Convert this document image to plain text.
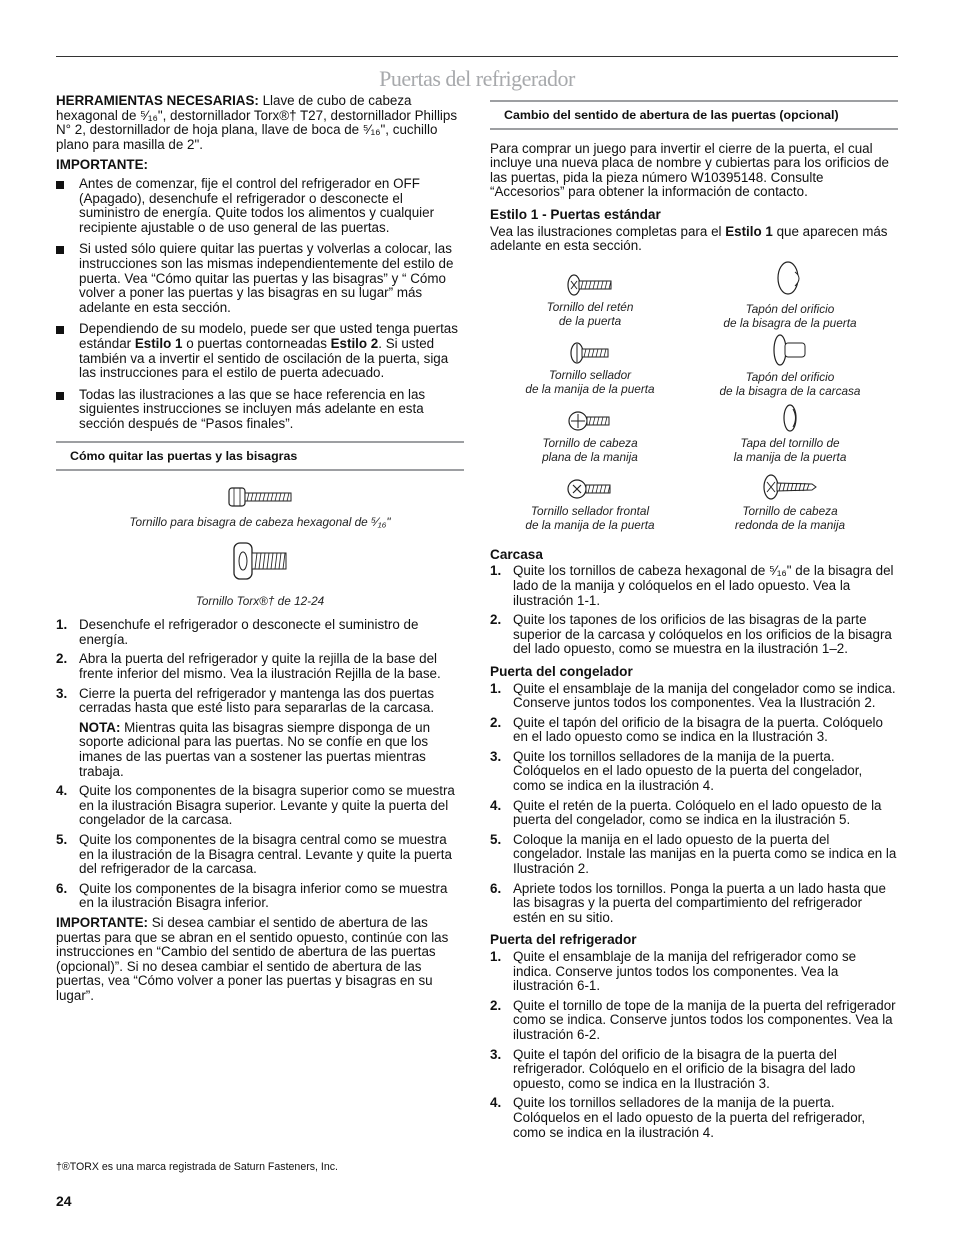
Puertas del refrigerador

HERRAMIENTAS NECESARIAS: Llave de cubo de cabeza hexagonal de ⁵⁄₁₆", destornillador Torx®† T27, destornillador Phillips N° 2, destornillador de hoja plana, llave de boca de ⁵⁄₁₆", cuchillo plano para masilla de 2".

IMPORTANTE:

Antes de comenzar, fije el control del refrigerador en OFF (Apagado), desenchufe el refrigerador o desconecte el suministro de energía. Quite todos los alimentos y cualquier recipiente ajustable o de uso general de las puertas.
Si usted sólo quiere quitar las puertas y volverlas a colocar, las instrucciones son las mismas independientemente del estilo de puerta. Vea “Cómo quitar las puertas y las bisagras” y “ Cómo volver a poner las puertas y las bisagras en su lugar” más adelante en esta sección.
Dependiendo de su modelo, puede ser que usted tenga puertas estándar Estilo 1 o puertas contorneadas Estilo 2. Si usted también va a invertir el sentido de oscilación de la puerta, siga las instrucciones para el estilo de puerta adecuado.
Todas las ilustraciones a las que se hace referencia en las siguientes instrucciones se incluyen más adelante en esta sección después de “Pasos finales”.
Cómo quitar las puertas y las bisagras
Tornillo para bisagra de cabeza hexagonal de ⁵⁄₁₆"
Tornillo Torx®† de 12-24
1. Desenchufe el refrigerador o desconecte el suministro de energía.
2. Abra la puerta del refrigerador y quite la rejilla de la base del frente inferior del mismo. Vea la ilustración Rejilla de la base.
3. Cierre la puerta del refrigerador y mantenga las dos puertas cerradas hasta que esté listo para separarlas de la carcasa.
NOTA: Mientras quita las bisagras siempre disponga de un soporte adicional para las puertas. No se confíe en que los imanes de las puertas van a sostener las puertas mientras trabaja.
4. Quite los componentes de la bisagra superior como se muestra en la ilustración Bisagra superior. Levante y quite la puerta del congelador de la carcasa.
5. Quite los componentes de la bisagra central como se muestra en la ilustración de la Bisagra central. Levante y quite la puerta del refrigerador de la carcasa.
6. Quite los componentes de la bisagra inferior como se muestra en la ilustración Bisagra inferior.

IMPORTANTE: Si desea cambiar el sentido de abertura de las puertas para que se abran en el sentido opuesto, continúe con las instrucciones en “Cambio del sentido de abertura de las puertas (opcional)”. Si no desea cambiar el sentido de abertura de las puertas, vea “Cómo volver a poner las puertas y bisagras en su lugar”.

†®TORX es una marca registrada de Saturn Fasteners, Inc.
24
Cambio del sentido de abertura de las puertas (opcional)

Para comprar un juego para invertir el cierre de la puerta, el cual incluye una nueva placa de nombre y cubiertas para los orificios de las puertas, pida la pieza número W10395148. Consulte “Accesorios” para obtener la información de contacto.

Estilo 1 - Puertas estándar

Vea las ilustraciones completas para el Estilo 1 que aparecen más adelante en esta sección.

Tornillo del retén
de la puerta
Tapón del orificio
de la bisagra de la puerta
Tornillo sellador
de la manija de la puerta
Tapón del orificio
de la bisagra de la carcasa
Tornillo de cabeza
plana de la manija
Tapa del tornillo de
la manija de la puerta
Tornillo sellador frontal
de la manija de la puerta
Tornillo de cabeza
redonda de la manija
Carcasa
1. Quite los tornillos de cabeza hexagonal de ⁵⁄₁₆" de la bisagra del lado de la manija y colóquelos en el lado opuesto. Vea la ilustración 1-1.
2. Quite los tapones de los orificios de las bisagras de la parte superior de la carcasa y colóquelos en los orificios de la bisagra del lado opuesto, como se muestra en la ilustración 1–2.
Puerta del congelador
1. Quite el ensamblaje de la manija del congelador como se indica. Conserve juntos todos los componentes. Vea la Ilustración 2.
2. Quite el tapón del orificio de la bisagra de la puerta. Colóquelo en el lado opuesto como se indica en la Ilustración 3.
3. Quite los tornillos selladores de la manija de la puerta. Colóquelos en el lado opuesto de la puerta del congelador, como se indica en la ilustración 4.
4. Quite el retén de la puerta. Colóquelo en el lado opuesto de la puerta del congelador, como se indica en la ilustración 5.
5. Coloque la manija en el lado opuesto de la puerta del congelador. Instale las manijas en la puerta como se indica en la Ilustración 2.
6. Apriete todos los tornillos. Ponga la puerta a un lado hasta que las bisagras y la puerta del compartimiento del refrigerador estén en su sitio.
Puerta del refrigerador
1. Quite el ensamblaje de la manija del refrigerador como se indica. Conserve juntos todos los componentes. Vea la ilustración 6-1.
2. Quite el tornillo de tope de la manija de la puerta del refrigerador como se indica. Conserve juntos todos los componentes. Vea la ilustración 6-2.
3. Quite el tapón del orificio de la bisagra de la puerta del refrigerador. Colóquelo en el orificio de la bisagra del lado opuesto, como se indica en la Ilustración 3.
4. Quite los tornillos selladores de la manija de la puerta. Colóquelos en el lado opuesto de la puerta del refrigerador, como se indica en la ilustración 4.
